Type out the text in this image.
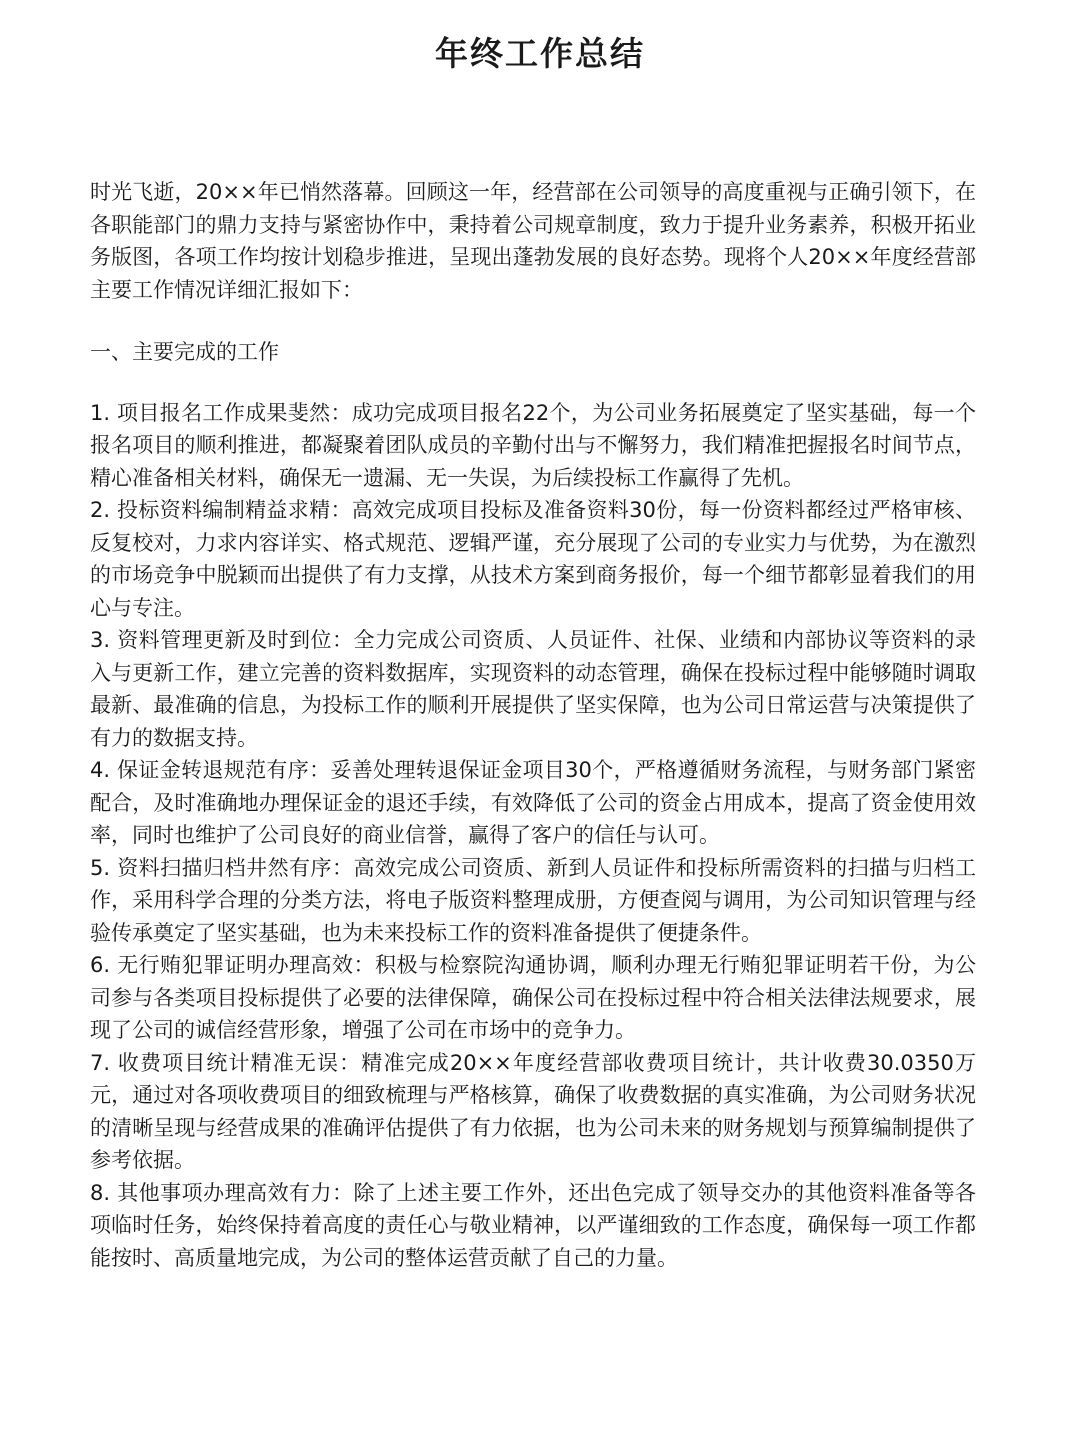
年终工作总结

时光飞逝，20××年已悄然落幕。回顾这一年，经营部在公司领导的高度重视与正确引领下，在各职能部门的鼎力支持与紧密协作中，秉持着公司规章制度，致力于提升业务素养，积极开拓业务版图，各项工作均按计划稳步推进，呈现出蓬勃发展的良好态势。现将个人20××年度经营部主要工作情况详细汇报如下：

一、主要完成的工作

1. 项目报名工作成果斐然：成功完成项目报名22个，为公司业务拓展奠定了坚实基础，每一个报名项目的顺利推进，都凝聚着团队成员的辛勤付出与不懈努力，我们精准把握报名时间节点，精心准备相关材料，确保无一遗漏、无一失误，为后续投标工作赢得了先机。

2. 投标资料编制精益求精：高效完成项目投标及准备资料30份，每一份资料都经过严格审核、反复校对，力求内容详实、格式规范、逻辑严谨，充分展现了公司的专业实力与优势，为在激烈的市场竞争中脱颖而出提供了有力支撑，从技术方案到商务报价，每一个细节都彰显着我们的用心与专注。

3. 资料管理更新及时到位：全力完成公司资质、人员证件、社保、业绩和内部协议等资料的录入与更新工作，建立完善的资料数据库，实现资料的动态管理，确保在投标过程中能够随时调取最新、最准确的信息，为投标工作的顺利开展提供了坚实保障，也为公司日常运营与决策提供了有力的数据支持。

4. 保证金转退规范有序：妥善处理转退保证金项目30个，严格遵循财务流程，与财务部门紧密配合，及时准确地办理保证金的退还手续，有效降低了公司的资金占用成本，提高了资金使用效率，同时也维护了公司良好的商业信誉，赢得了客户的信任与认可。

5. 资料扫描归档井然有序：高效完成公司资质、新到人员证件和投标所需资料的扫描与归档工作，采用科学合理的分类方法，将电子版资料整理成册，方便查阅与调用，为公司知识管理与经验传承奠定了坚实基础，也为未来投标工作的资料准备提供了便捷条件。

6. 无行贿犯罪证明办理高效：积极与检察院沟通协调，顺利办理无行贿犯罪证明若干份，为公司参与各类项目投标提供了必要的法律保障，确保公司在投标过程中符合相关法律法规要求，展现了公司的诚信经营形象，增强了公司在市场中的竞争力。

7. 收费项目统计精准无误：精准完成20××年度经营部收费项目统计，共计收费30.0350万元，通过对各项收费项目的细致梳理与严格核算，确保了收费数据的真实准确，为公司财务状况的清晰呈现与经营成果的准确评估提供了有力依据，也为公司未来的财务规划与预算编制提供了参考依据。

8. 其他事项办理高效有力：除了上述主要工作外，还出色完成了领导交办的其他资料准备等各项临时任务，始终保持着高度的责任心与敬业精神，以严谨细致的工作态度，确保每一项工作都能按时、高质量地完成，为公司的整体运营贡献了自己的力量。
